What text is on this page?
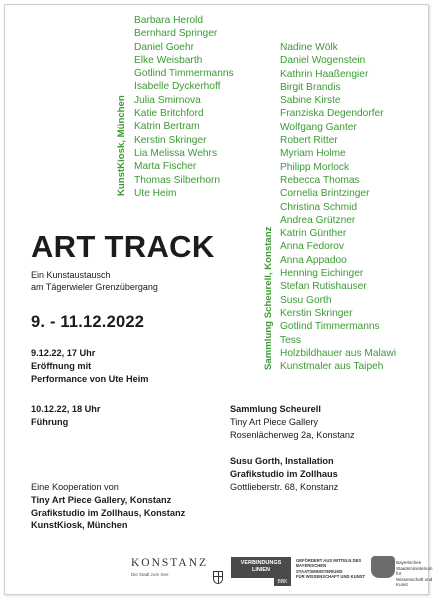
KunstKiosk, München
Barbara Herold
Bernhard Springer
Daniel Goehr
Elke Weisbarth
Gotlind Timmermanns
Isabelle Dyckerhoff
Julia Smirnova
Katie Britchford
Katrin Bertram
Kerstin Skringer
Lia Melissa Wehrs
Marta Fischer
Thomas Silberhorn
Ute Heim
Sammlung Scheurell, Konstanz
Nadine Wölk
Daniel Wogenstein
Kathrin Haaßengier
Birgit Brandis
Sabine Kirste
Franziska Degendorfer
Wolfgang Ganter
Robert Ritter
Myriam Holme
Philipp Morlock
Rebecca Thomas
Cornelia Brintzinger
Christina Schmid
Andrea Grützner
Katrin Günther
Anna Fedorov
Anna Appadoo
Henning Eichinger
Stefan Rutishauser
Susu Gorth
Kerstin Skringer
Gotlind Timmermanns
Tess
Holzbildhauer aus Malawi
Kunstmaler aus Taipeh
ART TRACK
Ein Kunstaustausch
am Tägerwieler Grenzübergang
9. - 11.12.2022
9.12.22, 17 Uhr
Eröffnung mit
Performance von Ute Heim
10.12.22, 18 Uhr
Führung
Sammlung Scheurell
Tiny Art Piece Gallery
Rosenlächerweg 2a, Konstanz
Susu Gorth, Installation
Grafikstudio im Zollhaus
Gottlieberstr. 68, Konstanz
Eine Kooperation von
Tiny Art Piece Gallery, Konstanz
Grafikstudio im Zollhaus, Konstanz
KunstKiosk, München
KONSTANZ
Die Stadt zum See
VERBINDUNGS
LINIEN
BBK
GEFÖRDERT AUS MITTELN DES
BAYERISCHEN STAATSMINISTERIUMS
FÜR WISSENSCHAFT UND KUNST
Bayerisches Staatsministerium für
Wissenschaft und Kunst
